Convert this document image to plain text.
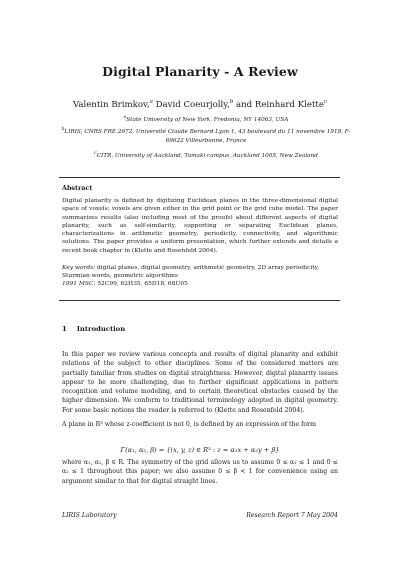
Digital Planarity - A Review
Valentin Brimkov,$^a$ David Coeurjolly,$^b$ and Reinhard Klette$^c$
$^a$State University of New York, Fredonia, NY 14063, USA
$^b$LIRIS, CNRS FRE 2672, Université Claude Bernard Lyon 1, 43 boulevard du 11 novembre 1918, F-69622 Villeurbanne, France
$^c$CITR, University of Auckland, Tamaki campus, Auckland 1005, New Zealand
Abstract
Digital planarity is defined by digitizing Euclidean planes in the three-dimensional digital space of voxels; voxels are given either in the grid point or the grid cube model. The paper summarizes results (also including most of the proofs) about different aspects of digital planarity, such as self-similarity, supporting or separating Euclidean planes, characterizations in arithmetic geometry, periodicity, connectivity, and algorithmic solutions. The paper provides a uniform presentation, which further extends and details a recent book chapter in (Klette and Rosenfeld 2004).
Key words: digital planes, digital geometry, arithmetic geometry, 2D array periodicity, Sturmian words, geometric algorithms
1991 MSC: 52C99, 62H35, 65D18, 68U05
1 Introduction
In this paper we review various concepts and results of digital planarity and exhibit relations of the subject to other disciplines. Some of the considered matters are partially familiar from studies on digital straightness. However, digital planarity issues appear to be more challenging, due to further significant applications in pattern recognition and volume modeling, and to certain theoretical obstacles caused by the higher dimension. We conform to traditional terminology adopted in digital geometry. For some basic notions the reader is referred to (Klette and Rosenfeld 2004).
A plane in R³ whose z-coefficient is not 0, is defined by an expression of the form
Γ(α₁, α₂, β) = {(x, y, z) ∈ R³ : z = α₁x + α₂y + β}
where α₁, α₂, β ∈ R. The symmetry of the grid allows us to assume 0 ≤ α₁ ≤ 1 and 0 ≤ α₂ ≤ 1 throughout this paper; we also assume 0 ≤ β < 1 for convenience using an argument similar to that for digital straight lines.
LIRIS Laboratory	Research Report 7 May 2004
